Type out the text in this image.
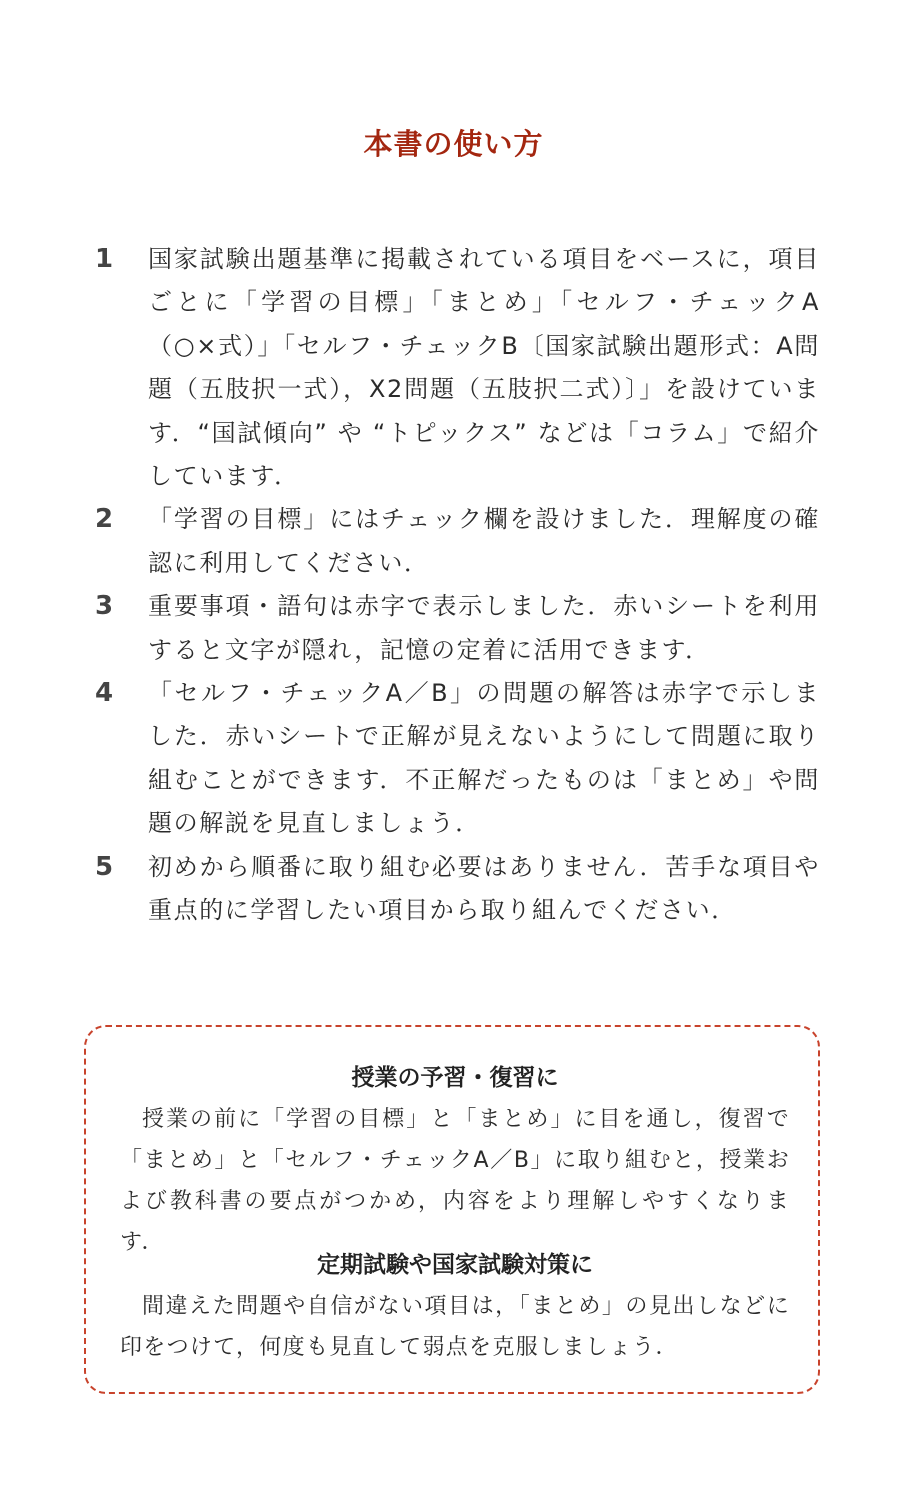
本書の使い方
1 国家試験出題基準に掲載されている項目をベースに，項目ごとに「学習の目標」「まとめ」「セルフ・チェックA（○×式）」「セルフ・チェックB〔国家試験出題形式：A問題（五肢択一式），X2問題（五肢択二式）〕」を設けています．“国試傾向” や “トピックス” などは「コラム」で紹介しています．
2 「学習の目標」にはチェック欄を設けました．理解度の確認に利用してください．
3 重要事項・語句は赤字で表示しました．赤いシートを利用すると文字が隠れ，記憶の定着に活用できます．
4 「セルフ・チェックA／B」の問題の解答は赤字で示しました．赤いシートで正解が見えないようにして問題に取り組むことができます．不正解だったものは「まとめ」や問題の解説を見直しましょう．
5 初めから順番に取り組む必要はありません．苦手な項目や重点的に学習したい項目から取り組んでください．
授業の予習・復習に

授業の前に「学習の目標」と「まとめ」に目を通し，復習で「まとめ」と「セルフ・チェックA／B」に取り組むと，授業および教科書の要点がつかめ，内容をより理解しやすくなります．

定期試験や国家試験対策に

間違えた問題や自信がない項目は，「まとめ」の見出しなどに印をつけて，何度も見直して弱点を克服しましょう．
